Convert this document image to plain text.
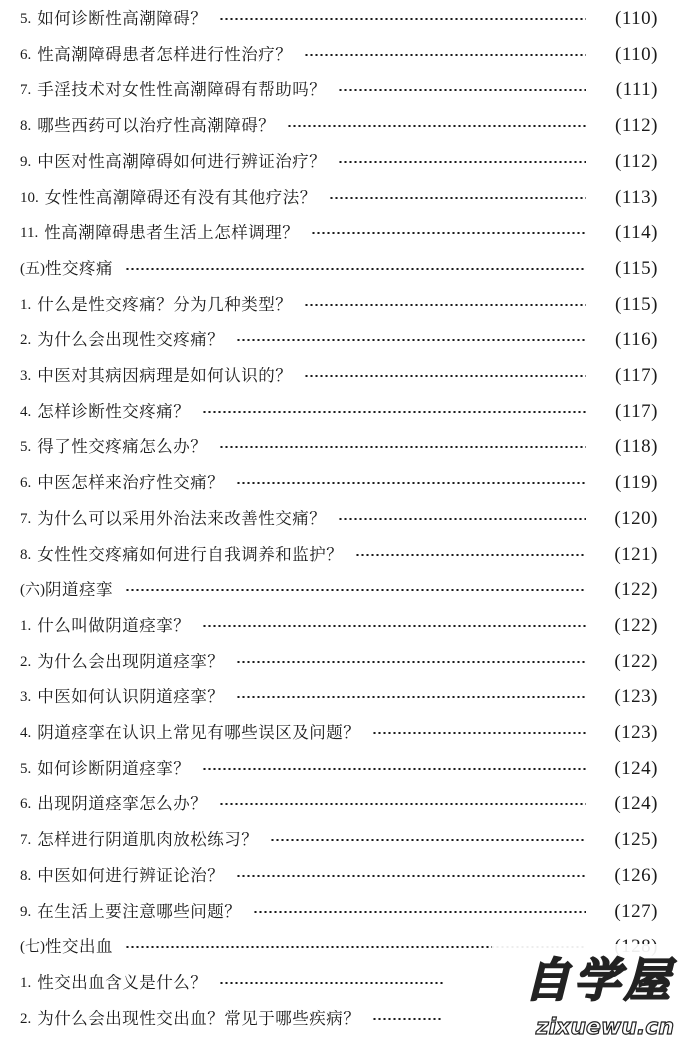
5. 如何诊断性高潮障碍？	(110)
6. 性高潮障碍患者怎样进行性治疗？	(110)
7. 手淫技术对女性性高潮障碍有帮助吗？	(111)
8. 哪些西药可以治疗性高潮障碍？	(112)
9. 中医对性高潮障碍如何进行辨证治疗？	(112)
10. 女性性高潮障碍还有没有其他疗法？	(113)
11. 性高潮障碍患者生活上怎样调理？	(114)
(五) 性交疼痛	(115)
1. 什么是性交疼痛？分为几种类型？	(115)
2. 为什么会出现性交疼痛？	(116)
3. 中医对其病因病理是如何认识的？	(117)
4. 怎样诊断性交疼痛？	(117)
5. 得了性交疼痛怎么办？	(118)
6. 中医怎样来治疗性交痛？	(119)
7. 为什么可以采用外治法来改善性交痛？	(120)
8. 女性性交疼痛如何进行自我调养和监护？	(121)
(六) 阴道痉挛	(122)
1. 什么叫做阴道痉挛？	(122)
2. 为什么会出现阴道痉挛？	(122)
3. 中医如何认识阴道痉挛？	(123)
4. 阴道痉挛在认识上常见有哪些误区及问题？	(123)
5. 如何诊断阴道痉挛？	(124)
6. 出现阴道痉挛怎么办？	(124)
7. 怎样进行阴道肌肉放松练习？	(125)
8. 中医如何进行辨证论治？	(126)
9. 在生活上要注意哪些问题？	(127)
(七) 性交出血
1. 性交出血含义是什么？
2. 为什么会出现性交出血？常见于哪些疾病？
自学屋
zixuewu.cn
